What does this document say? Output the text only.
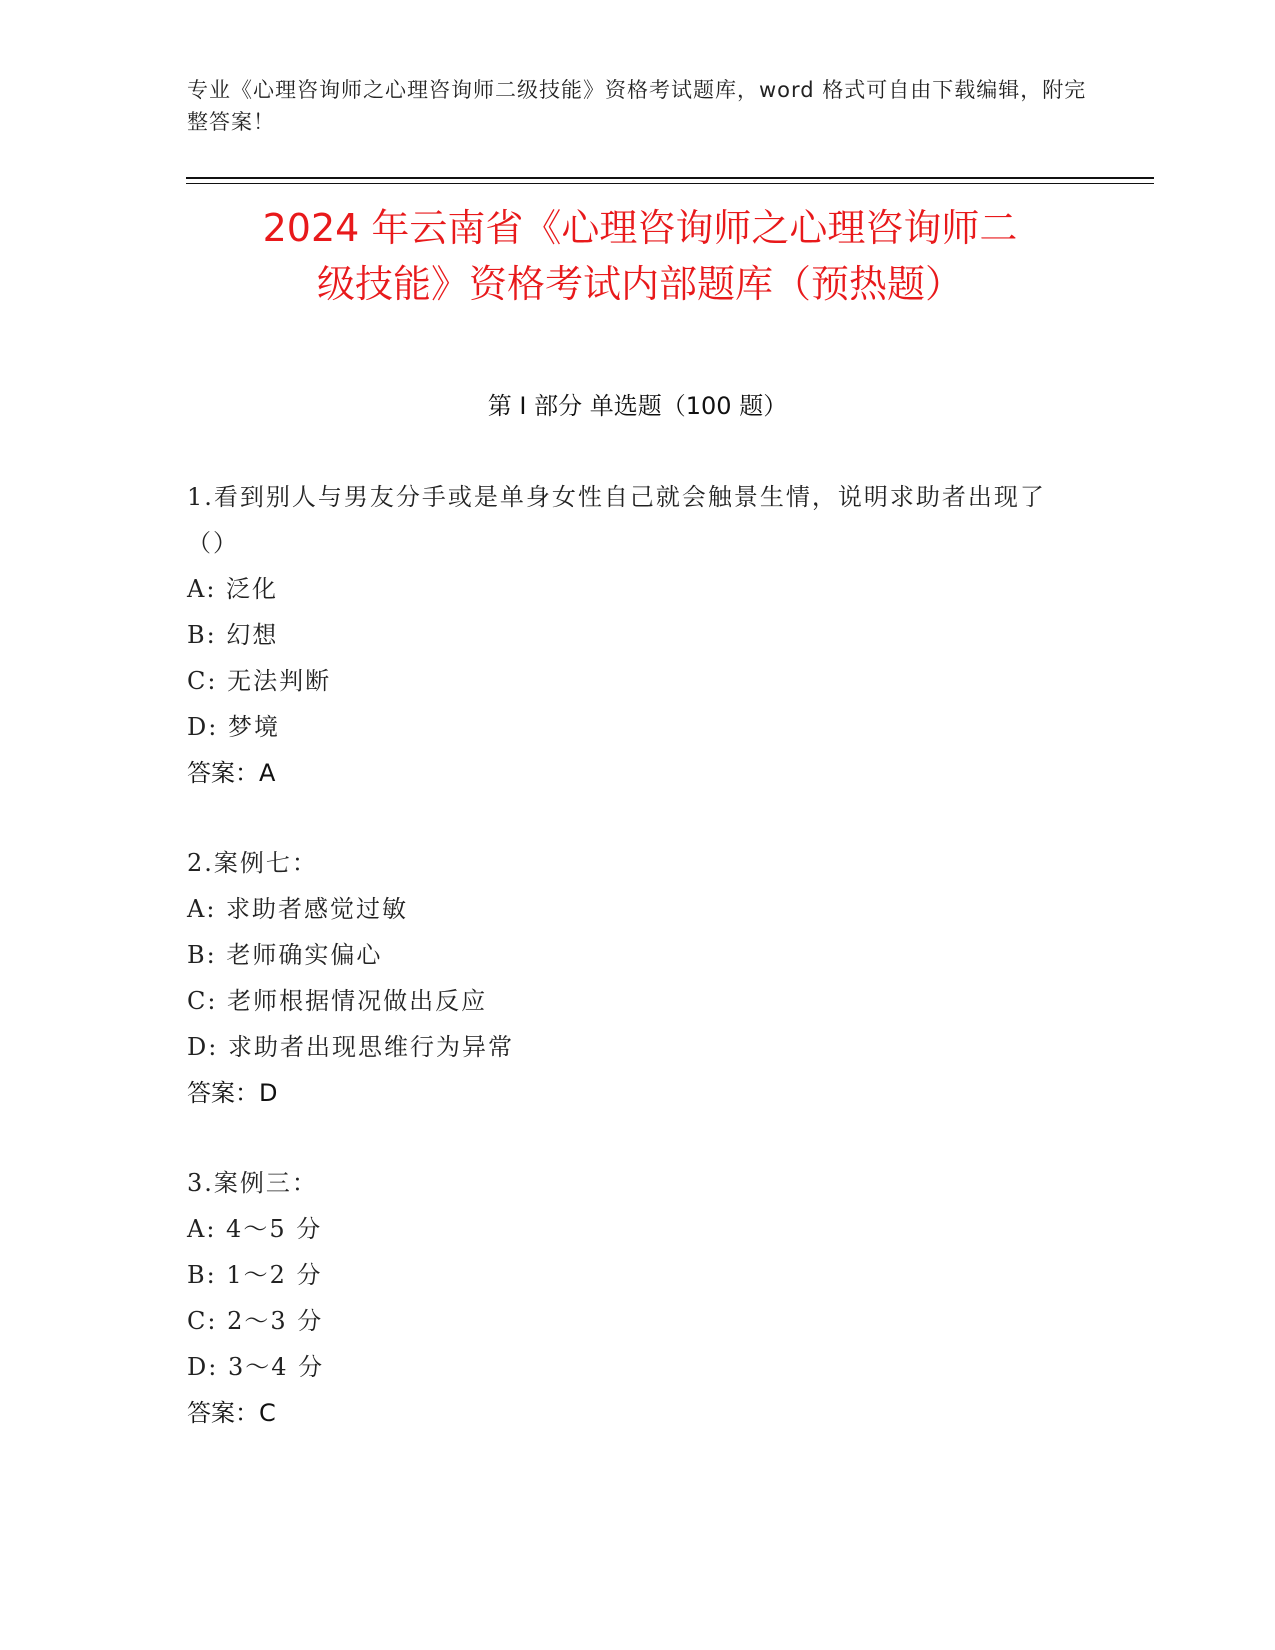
专业《心理咨询师之心理咨询师二级技能》资格考试题库，word 格式可自由下载编辑，附完整答案！
2024 年云南省《心理咨询师之心理咨询师二
级技能》资格考试内部题库（预热题）
第 I 部分 单选题（100 题）
1.看到别人与男友分手或是单身女性自己就会触景生情，说明求助者出现了（）
A: 泛化
B: 幻想
C: 无法判断
D: 梦境
答案：A
2.案例七：
A: 求助者感觉过敏
B: 老师确实偏心
C: 老师根据情况做出反应
D: 求助者出现思维行为异常
答案：D
3.案例三：
A: 4～5 分
B: 1～2 分
C: 2～3 分
D: 3～4 分
答案：C
